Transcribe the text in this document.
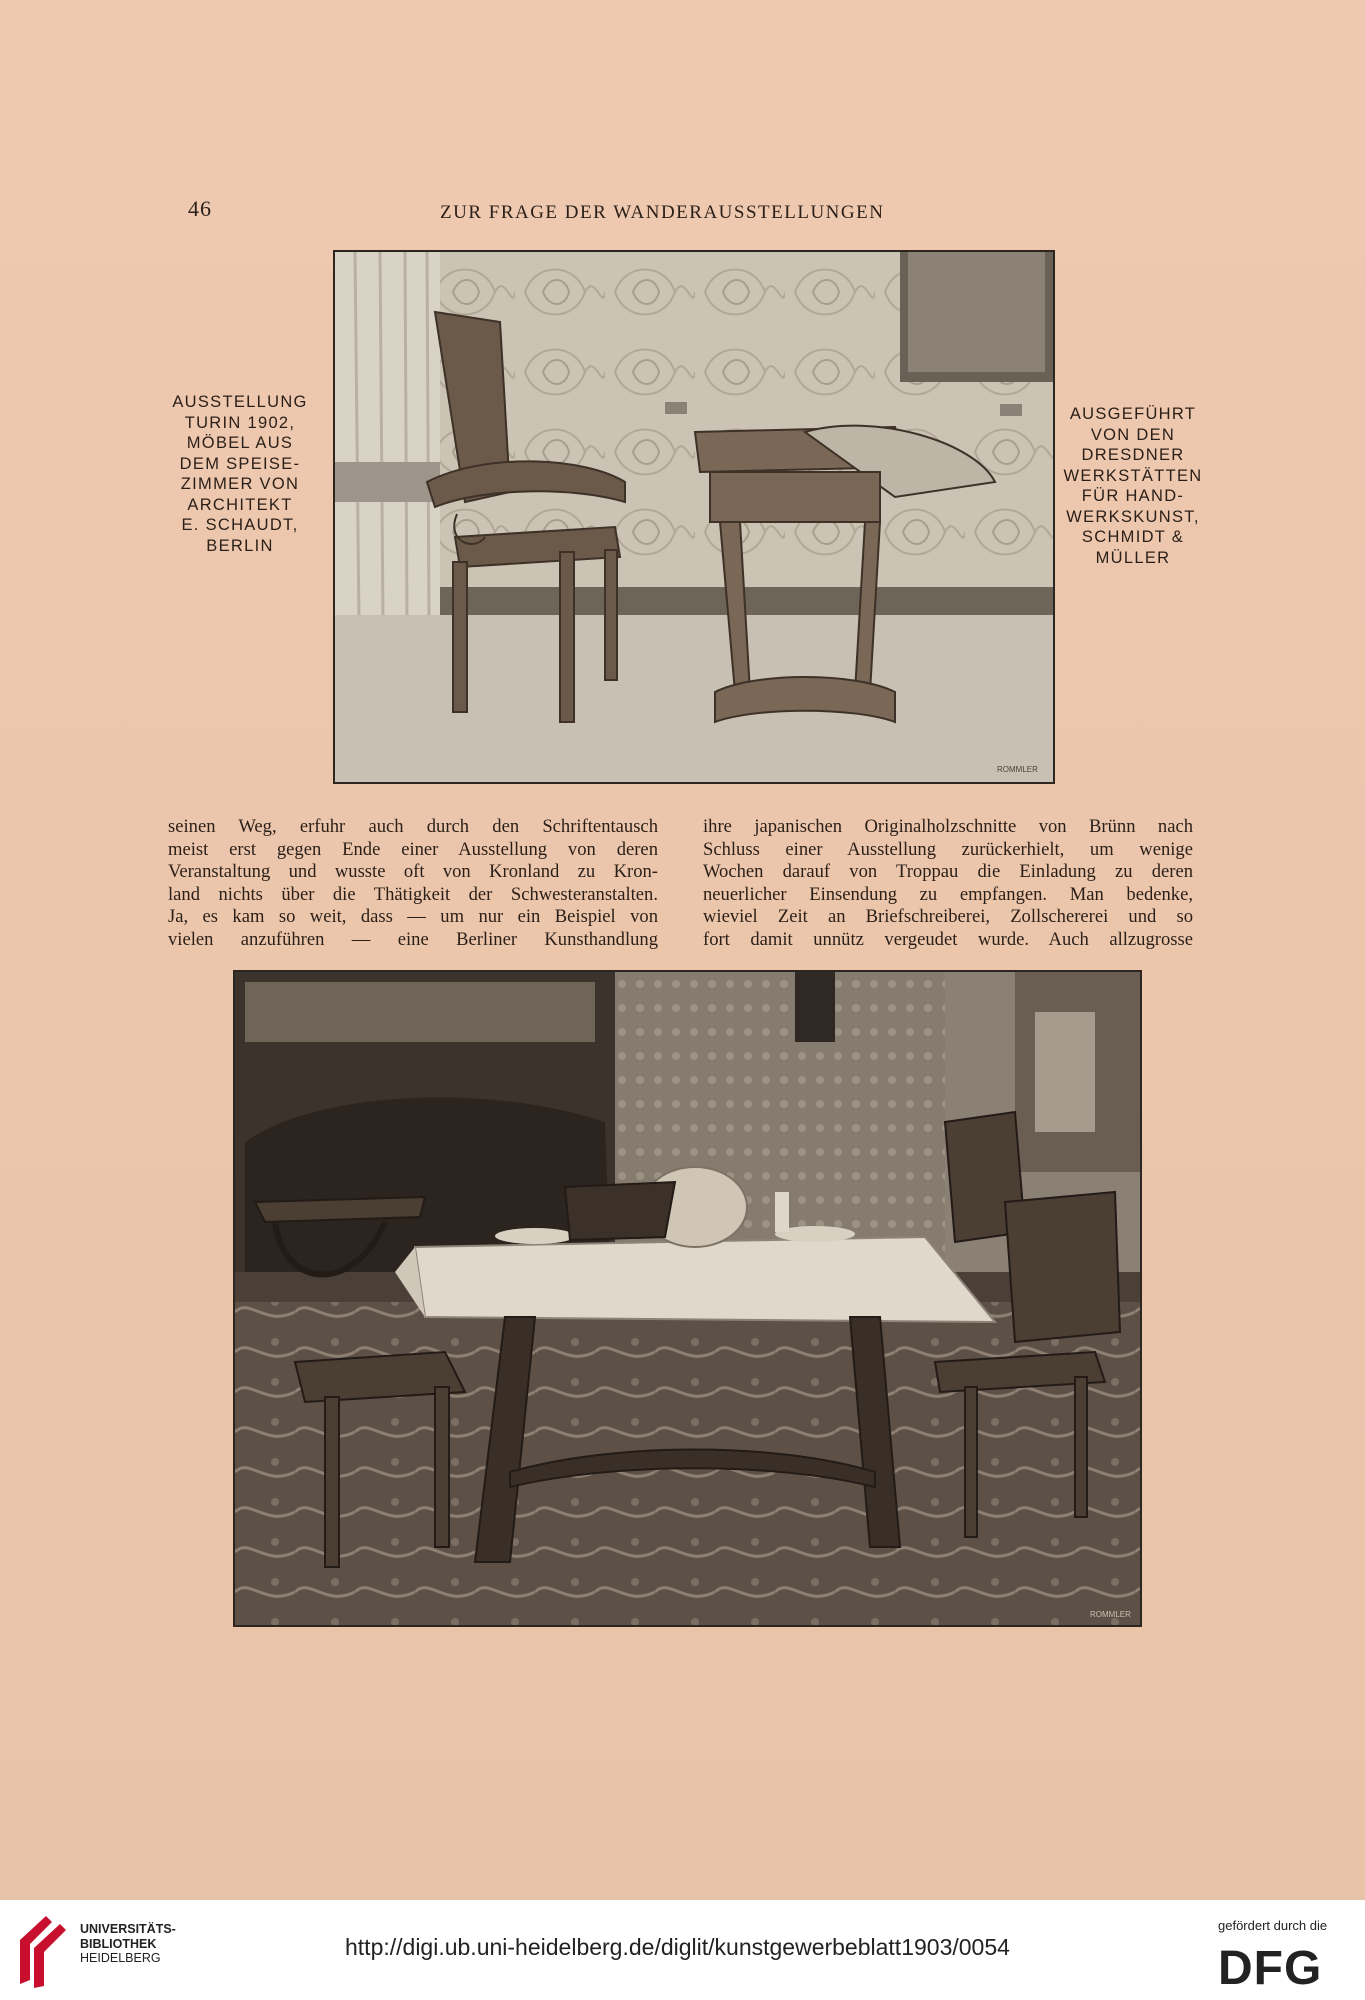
46	ZUR FRAGE DER WANDERAUSSTELLUNGEN
AUSSTELLUNG
TURIN 1902,
MÖBEL AUS
DEM SPEISE-
ZIMMER VON
ARCHITEKT
E. SCHAUDT,
BERLIN
AUSGEFÜHRT
VON DEN
DRESDNER
WERKSTÄTTEN
FÜR HAND-
WERKSKUNST,
SCHMIDT &
MÜLLER
ROMMLER
seinen Weg, erfuhr auch durch den Schriftentausch
meist erst gegen Ende einer Ausstellung von deren
Veranstaltung und wusste oft von Kronland zu Kron-
land nichts über die Thätigkeit der Schwesteranstalten.
Ja, es kam so weit, dass — um nur ein Beispiel von
vielen anzuführen — eine Berliner Kunsthandlung
ihre japanischen Originalholzschnitte von Brünn nach
Schluss einer Ausstellung zurückerhielt, um wenige
Wochen darauf von Troppau die Einladung zu deren
neuerlicher Einsendung zu empfangen. Man bedenke,
wieviel Zeit an Briefschreiberei, Zollschererei und so
fort damit unnütz vergeudet wurde. Auch allzugrosse
ROMMLER
UNIVERSITÄTS-
BIBLIOTHEK
HEIDELBERG	http://digi.ub.uni-heidelberg.de/diglit/kunstgewerbeblatt1903/0054
gefördert durch die
DFG
